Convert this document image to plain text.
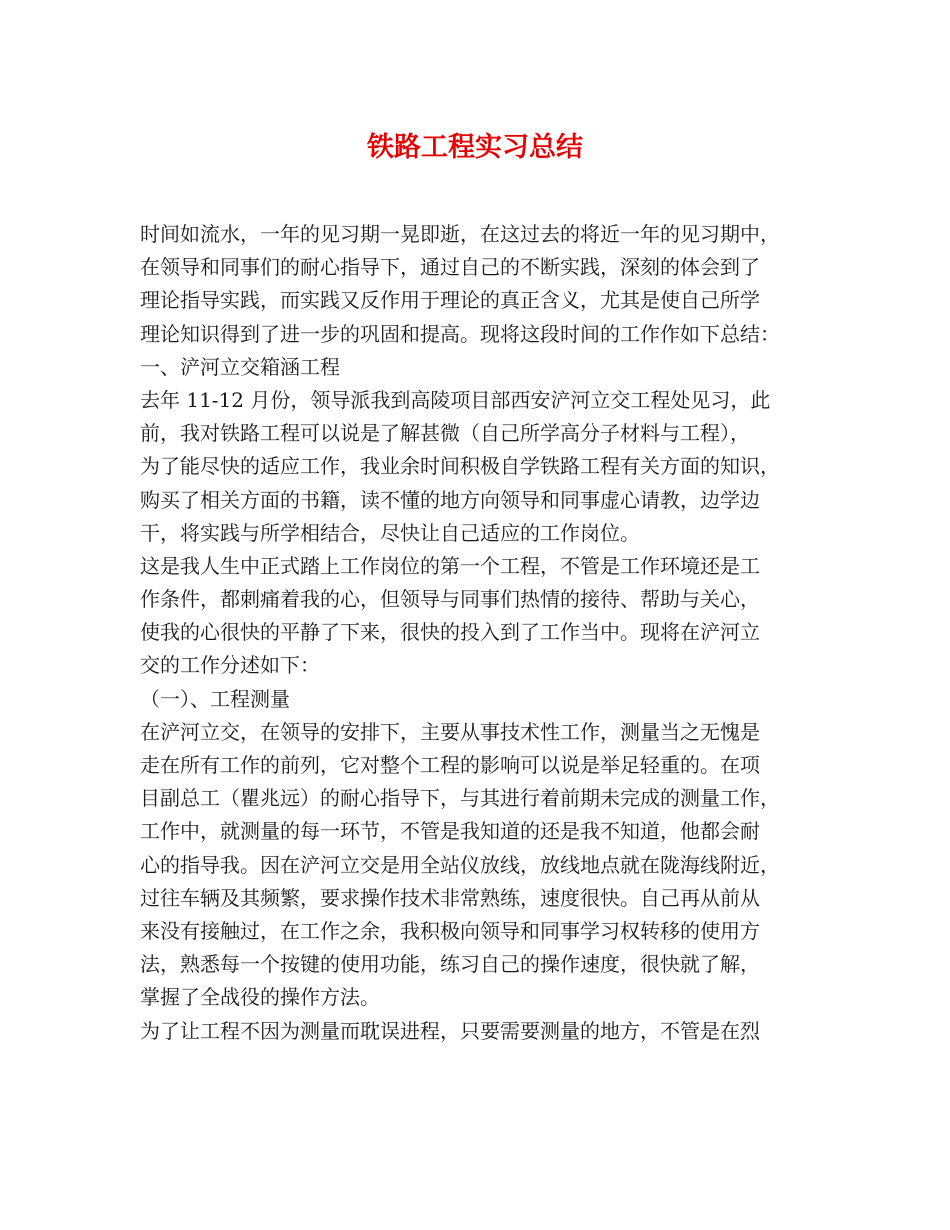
铁路工程实习总结
时间如流水，一年的见习期一晃即逝，在这过去的将近一年的见习期中，
在领导和同事们的耐心指导下，通过自己的不断实践，深刻的体会到了
理论指导实践，而实践又反作用于理论的真正含义，尤其是使自己所学
理论知识得到了进一步的巩固和提高。现将这段时间的工作作如下总结：
一、浐河立交箱涵工程
去年 11-12 月份，领导派我到高陵项目部西安浐河立交工程处见习，此
前，我对铁路工程可以说是了解甚微（自己所学高分子材料与工程），
为了能尽快的适应工作，我业余时间积极自学铁路工程有关方面的知识，
购买了相关方面的书籍，读不懂的地方向领导和同事虚心请教，边学边
干，将实践与所学相结合，尽快让自己适应的工作岗位。
这是我人生中正式踏上工作岗位的第一个工程，不管是工作环境还是工
作条件，都刺痛着我的心，但领导与同事们热情的接待、帮助与关心，
使我的心很快的平静了下来，很快的投入到了工作当中。现将在浐河立
交的工作分述如下：
（一）、工程测量
在浐河立交，在领导的安排下，主要从事技术性工作，测量当之无愧是
走在所有工作的前列，它对整个工程的影响可以说是举足轻重的。在项
目副总工（瞿兆远）的耐心指导下，与其进行着前期未完成的测量工作，
工作中，就测量的每一环节，不管是我知道的还是我不知道，他都会耐
心的指导我。因在浐河立交是用全站仪放线，放线地点就在陇海线附近，
过往车辆及其频繁，要求操作技术非常熟练，速度很快。自己再从前从
来没有接触过，在工作之余，我积极向领导和同事学习权转移的使用方
法，熟悉每一个按键的使用功能，练习自己的操作速度，很快就了解，
掌握了全战役的操作方法。
为了让工程不因为测量而耽误进程，只要需要测量的地方，不管是在烈
